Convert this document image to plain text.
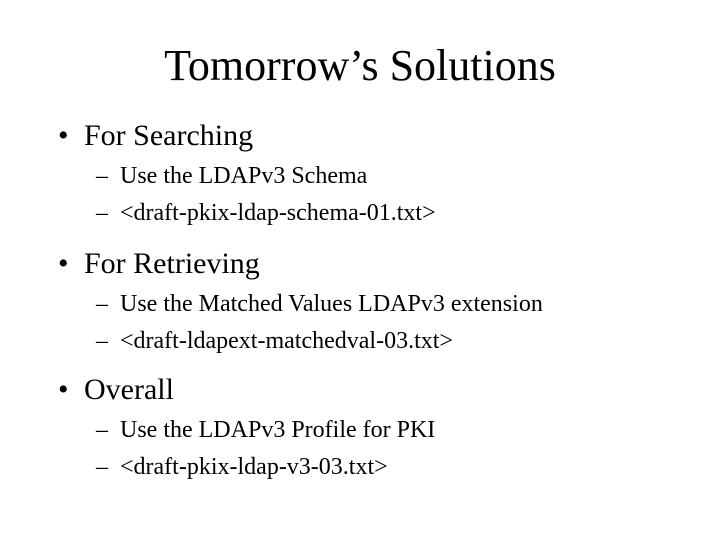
Tomorrow’s Solutions
• For Searching
– Use the LDAPv3 Schema
– <draft-pkix-ldap-schema-01.txt>
• For Retrieving
– Use the Matched Values LDAPv3 extension
– <draft-ldapext-matchedval-03.txt>
• Overall
– Use the LDAPv3 Profile for PKI
– <draft-pkix-ldap-v3-03.txt>
